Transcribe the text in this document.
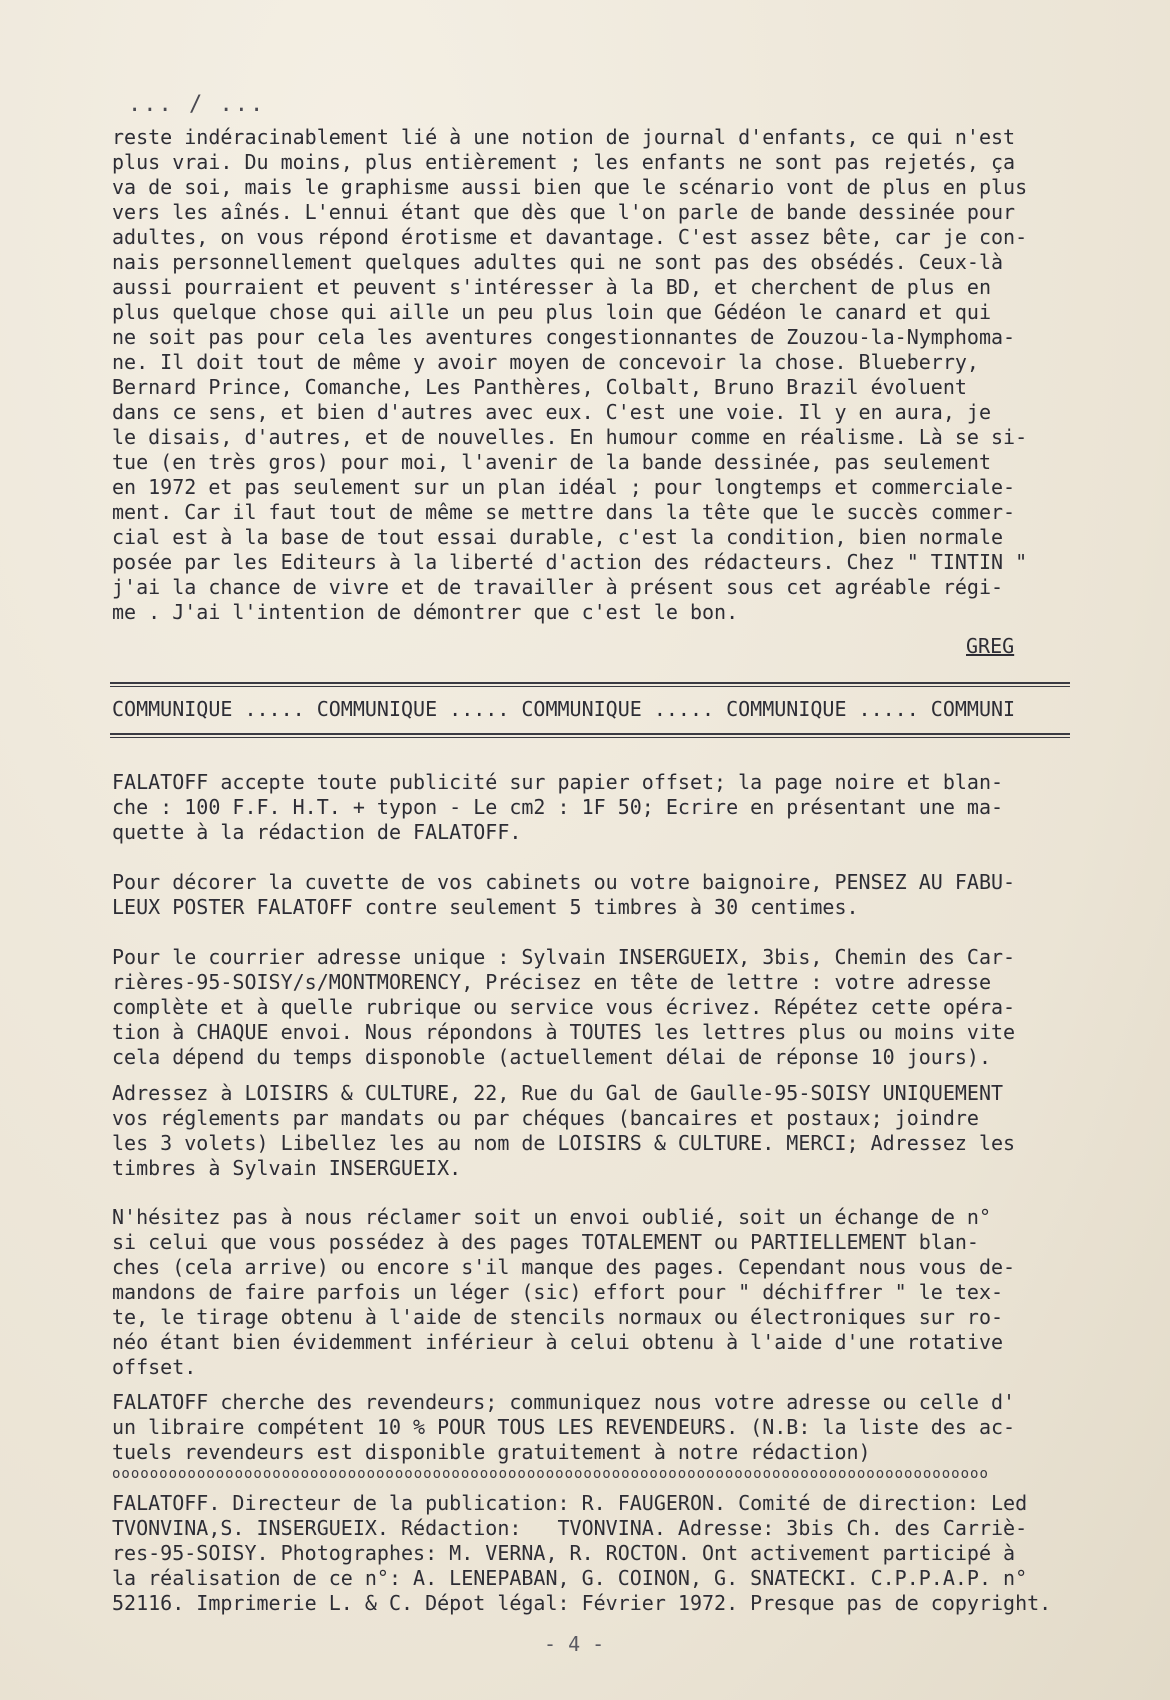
... / ...
reste indéracinablement lié à une notion de journal d'enfants, ce qui n'est
plus vrai. Du moins, plus entièrement ; les enfants ne sont pas rejetés, ça
va de soi, mais le graphisme aussi bien que le scénario vont de plus en plus
vers les aînés. L'ennui étant que dès que l'on parle de bande dessinée pour
adultes, on vous répond érotisme et davantage. C'est assez bête, car je con-
nais personnellement quelques adultes qui ne sont pas des obsédés. Ceux-là
aussi pourraient et peuvent s'intéresser à la BD, et cherchent de plus en
plus quelque chose qui aille un peu plus loin que Gédéon le canard et qui
ne soit pas pour cela les aventures congestionnantes de Zouzou-la-Nymphoma-
ne. Il doit tout de même y avoir moyen de concevoir la chose. Blueberry,
Bernard Prince, Comanche, Les Panthères, Colbalt, Bruno Brazil évoluent
dans ce sens, et bien d'autres avec eux. C'est une voie. Il y en aura, je
le disais, d'autres, et de nouvelles. En humour comme en réalisme. Là se si-
tue (en très gros) pour moi, l'avenir de la bande dessinée, pas seulement
en 1972 et pas seulement sur un plan idéal ; pour longtemps et commerciale-
ment. Car il faut tout de même se mettre dans la tête que le succès commer-
cial est à la base de tout essai durable, c'est la condition, bien normale
posée par les Editeurs à la liberté d'action des rédacteurs. Chez " TINTIN "
j'ai la chance de vivre et de travailler à présent sous cet agréable régi-
me . J'ai l'intention de démontrer que c'est le bon.
GREG
COMMUNIQUE ..... COMMUNIQUE ..... COMMUNIQUE ..... COMMUNIQUE ..... COMMUNI
FALATOFF accepte toute publicité sur papier offset; la page noire et blan-
che : 100 F.F. H.T. + typon - Le cm2 : 1F 50; Ecrire en présentant une ma-
quette à la rédaction de FALATOFF.
Pour décorer la cuvette de vos cabinets ou votre baignoire, PENSEZ AU FABU-
LEUX POSTER FALATOFF contre seulement 5 timbres à 30 centimes.
Pour le courrier adresse unique : Sylvain INSERGUEIX, 3bis, Chemin des Car-
rières-95-SOISY/s/MONTMORENCY, Précisez en tête de lettre : votre adresse
complète et à quelle rubrique ou service vous écrivez. Répétez cette opéra-
tion à CHAQUE envoi. Nous répondons à TOUTES les lettres plus ou moins vite
cela dépend du temps disponoble (actuellement délai de réponse 10 jours).
Adressez à LOISIRS & CULTURE, 22, Rue du Gal de Gaulle-95-SOISY UNIQUEMENT
vos réglements par mandats ou par chéques (bancaires et postaux; joindre
les 3 volets) Libellez les au nom de LOISIRS & CULTURE. MERCI; Adressez les
timbres à Sylvain INSERGUEIX.
N'hésitez pas à nous réclamer soit un envoi oublié, soit un échange de n°
si celui que vous possédez à des pages TOTALEMENT ou PARTIELLEMENT blan-
ches (cela arrive) ou encore s'il manque des pages. Cependant nous vous de-
mandons de faire parfois un léger (sic) effort pour " déchiffrer " le tex-
te, le tirage obtenu à l'aide de stencils normaux ou électroniques sur ro-
néo étant bien évidemment inférieur à celui obtenu à l'aide d'une rotative
offset.
FALATOFF cherche des revendeurs; communiquez nous votre adresse ou celle d'
un libraire compétent 10 % POUR TOUS LES REVENDEURS. (N.B: la liste des ac-
tuels revendeurs est disponible gratuitement à notre rédaction)
ooooooooooooooooooooooooooooooooooooooooooooooooooooooooooooooooooooooooooooooooooooooooooooo
FALATOFF. Directeur de la publication: R. FAUGERON. Comité de direction: Led
TVONVINA,S. INSERGUEIX. Rédaction:   TVONVINA. Adresse: 3bis Ch. des Carriè-
res-95-SOISY. Photographes: M. VERNA, R. ROCTON. Ont activement participé à
la réalisation de ce n°: A. LENEPABAN, G. COINON, G. SNATECKI. C.P.P.A.P. n°
52116. Imprimerie L. & C. Dépot légal: Février 1972. Presque pas de copyright.
- 4 -
